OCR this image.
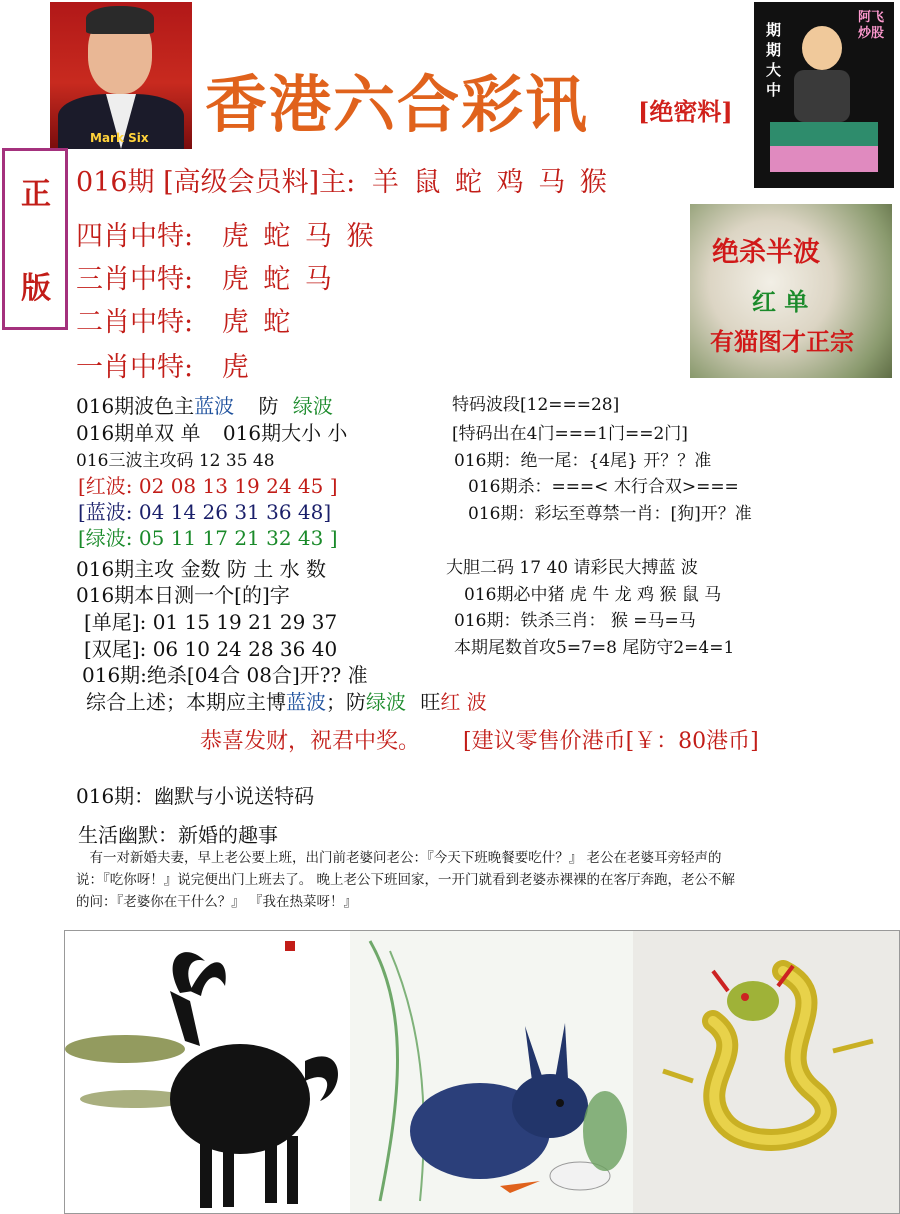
Mark Six 香港六合彩讯 [绝密料]
期期大中
阿飞炒股
正
版
016期 [高级会员料]主: 羊 鼠 蛇 鸡 马 猴
四肖中特: 虎 蛇 马 猴
三肖中特: 虎 蛇 马
二肖中特: 虎 蛇
一肖中特: 虎
绝杀半波
红 单
有猫图才正宗
016期波色主蓝波 防 绿波
016期单双 单 016期大小 小
016三波主攻码 12 35 48
[红波: 02 08 13 19 24 45 ]
[蓝波: 04 14 26 31 36 48]
[绿波: 05 11 17 21 32 43 ]
016期主攻 金数 防 土 水 数
016期本日测一个[的]字
[单尾]: 01 15 19 21 29 37
[双尾]: 06 10 24 28 36 40
016期:绝杀[04合 08合]开?? 准
综合上述；本期应主博蓝波；防绿波 旺红 波
特码波段[12===28]
[特码出在4门===1门==2门]
016期：绝一尾：{4尾} 开？？准
016期杀：===< 木行合双>===
016期：彩坛至尊禁一肖：[狗]开？准
大胆二码 17 40 请彩民大搏蓝 波
016期必中猪 虎 牛 龙 鸡 猴 鼠 马
016期：铁杀三肖： 猴 =马=马
本期尾数首攻5=7=8 尾防守2=4=1
恭喜发财，祝君中奖。 [建议零售价港币[￥：80港币]
016期：幽默与小说送特码
生活幽默：新婚的趣事
　有一对新婚夫妻，早上老公要上班，出门前老婆问老公：『今天下班晚餐要吃什？』 老公在老婆耳旁轻声的
说：『吃你呀！』说完便出门上班去了。 晚上老公下班回家，一开门就看到老婆赤裸裸的在客厅奔跑，老公不解
的问：『老婆你在干什么？』 『我在热菜呀！』
